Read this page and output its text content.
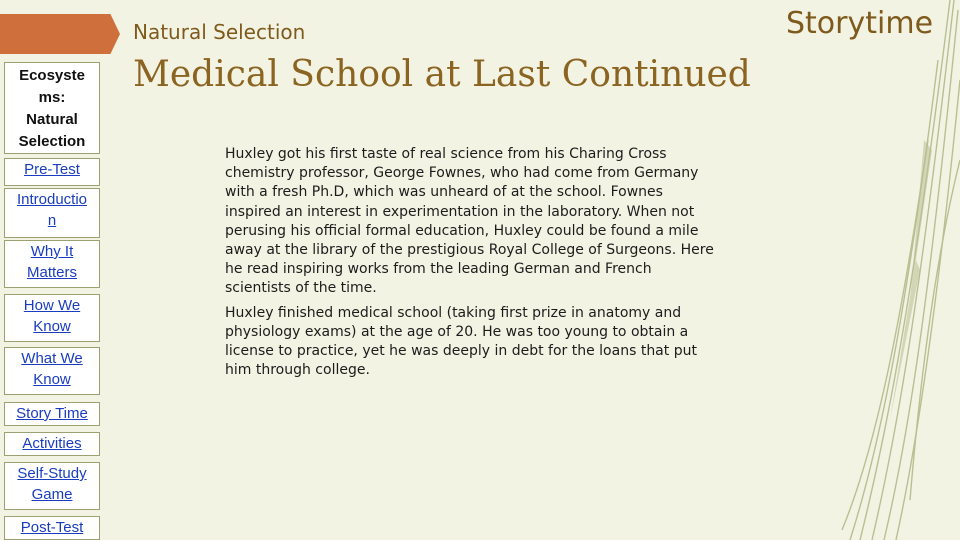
Natural Selection	Storytime
Medical School at Last Continued
Ecosyste
ms:
Natural
Selection
Pre-Test
Introductio
n
Why It
Matters
How We
Know
What We
Know
Story Time
Activities
Self-Study
Game
Post-Test

Huxley got his first taste of real science from his Charing Cross chemistry professor, George Fownes, who had come from Germany with a fresh Ph.D, which was unheard of at the school. Fownes inspired an interest in experimentation in the laboratory. When not perusing his official formal education, Huxley could be found a mile away at the library of the prestigious Royal College of Surgeons. Here he read inspiring works from the leading German and French scientists of the time.

Huxley finished medical school (taking first prize in anatomy and physiology exams) at the age of 20. He was too young to obtain a license to practice, yet he was deeply in debt for the loans that put him through college.
